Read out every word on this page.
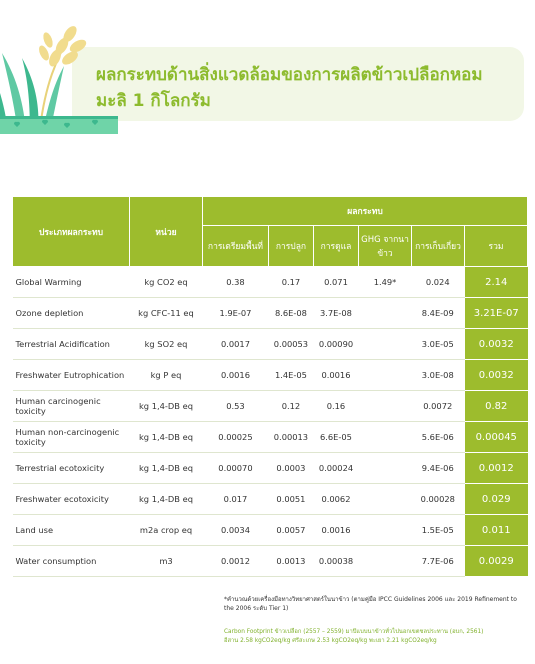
ผลกระทบด้านสิ่งแวดล้อมของการผลิตข้าวเปลือกหอม
มะลิ 1 กิโลกรัม
ประเภทผลกระทบ	หน่วย	ผลกระทบ					
		การเตรียมพื้นที่	การปลูก	การดูแล	GHG จากนาข้าว	การเก็บเกี่ยว	รวม
Global Warming	kg CO2 eq	0.38	0.17	0.071	1.49*	0.024	2.14
Ozone depletion	kg CFC-11 eq	1.9E-07	8.6E-08	3.7E-08		8.4E-09	3.21E-07
Terrestrial Acidification	kg SO2 eq	0.0017	0.00053	0.00090		3.0E-05	0.0032
Freshwater Eutrophication	kg P eq	0.0016	1.4E-05	0.0016		3.0E-08	0.0032
Human carcinogenic toxicity	kg 1,4-DB eq	0.53	0.12	0.16		0.0072	0.82
Human non-carcinogenic toxicity	kg 1,4-DB eq	0.00025	0.00013	6.6E-05		5.6E-06	0.00045
Terrestrial ecotoxicity	kg 1,4-DB eq	0.00070	0.0003	0.00024		9.4E-06	0.0012
Freshwater ecotoxicity	kg 1,4-DB eq	0.017	0.0051	0.0062		0.00028	0.029
Land use	m2a crop eq	0.0034	0.0057	0.0016		1.5E-05	0.011
Water consumption	m3	0.0012	0.0013	0.00038		7.7E-06	0.0029
*คำนวณด้วยเครื่องมือทางวิทยาศาสตร์ในนาข้าว (ตามคู่มือ IPCC Guidelines 2006 และ 2019 Refinement to the 2006 ระดับ Tier 1)
Carbon Footprint ข้าวเปลือก (2557 – 2559) มาปีแบบนาข้าวทั่วไปนอกเขตชลประทาน (อบก, 2561)
อีสาน 2.58 kgCO2eq/kg ศรีสะเกษ 2.53 kgCO2eq/kg พะเยา 2.21 kgCO2eq/kg
